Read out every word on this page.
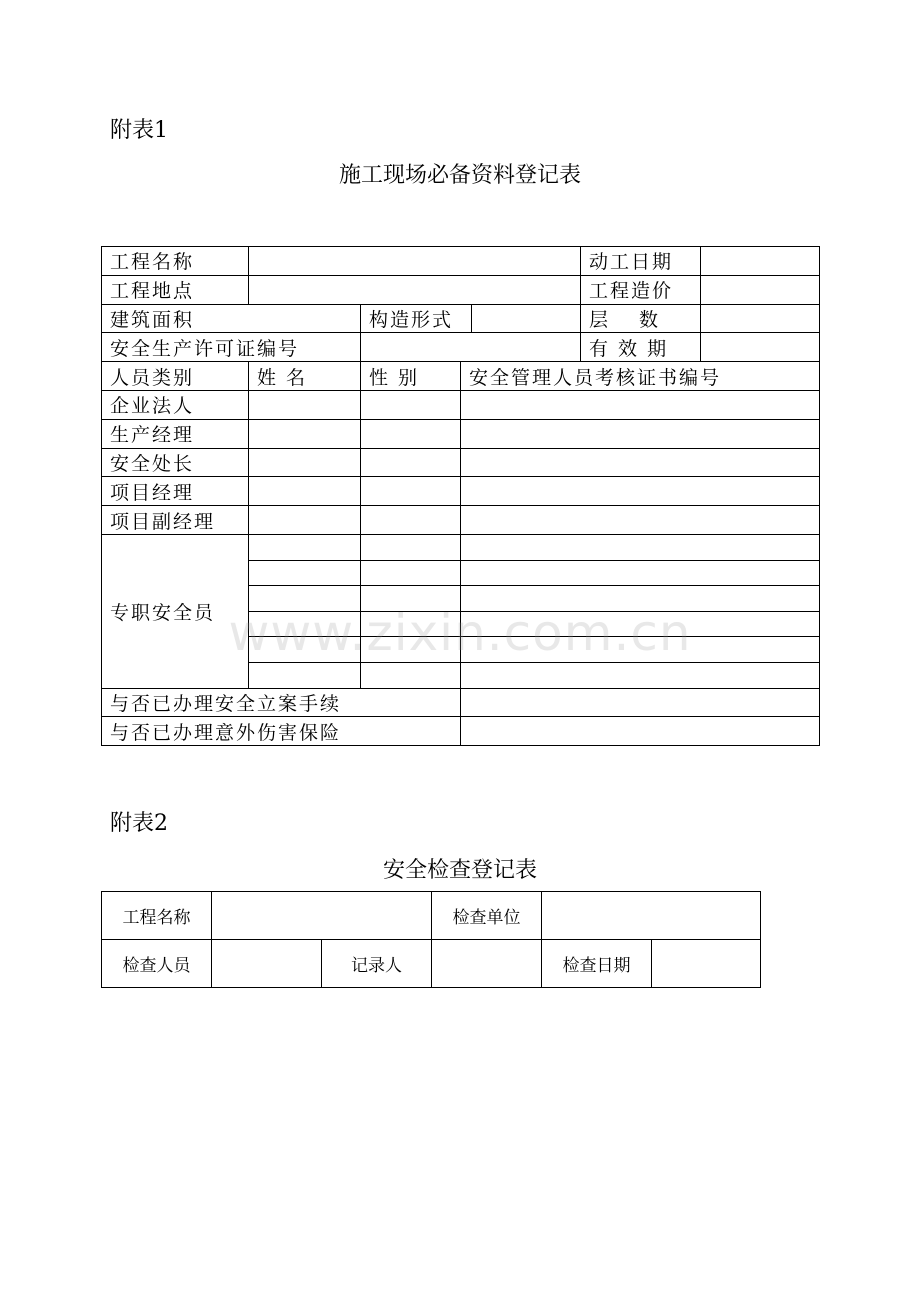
附表1
施工现场必备资料登记表
工程名称					动工日期	
工程地点					工程造价	
建筑面积		构造形式			层　 数	
安全生产许可证编号					有 效 期	
人员类别	姓 名	性 别	安全管理人员考核证书编号			
企业法人						
生产经理						
安全处长						
项目经理						
项目副经理						
专职安全员						

与否已办理安全立案手续						
与否已办理意外伤害保险						
附表2
安全检查登记表
工程名称			检查单位		
检查人员		记录人		检查日期	
www.zixin.com.cn
